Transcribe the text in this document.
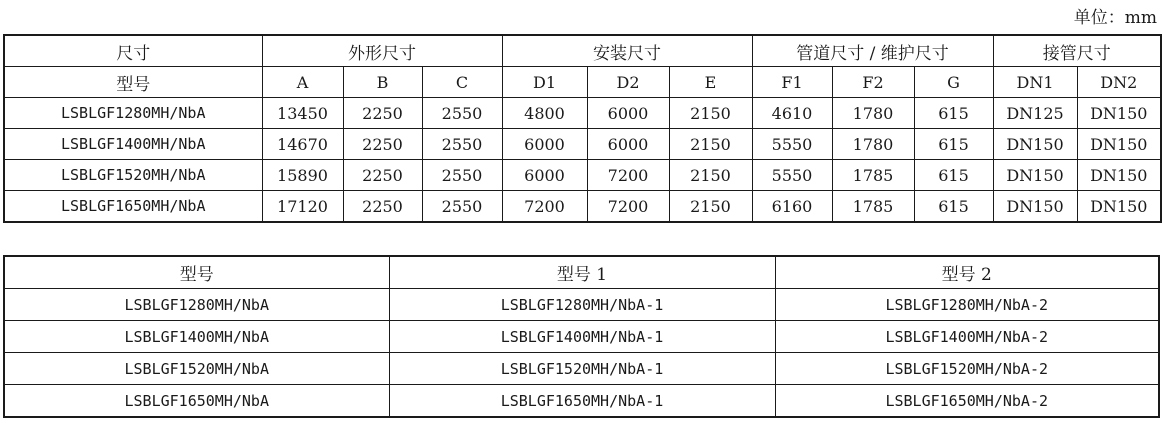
单位：mm
尺寸	外形尺寸			安装尺寸			管道尺寸 / 维护尺寸			接管尺寸	
型号	A	B	C	D1	D2	E	F1	F2	G	DN1	DN2
LSBLGF1280MH/NbA	13450	2250	2550	4800	6000	2150	4610	1780	615	DN125	DN150
LSBLGF1400MH/NbA	14670	2250	2550	6000	6000	2150	5550	1780	615	DN150	DN150
LSBLGF1520MH/NbA	15890	2250	2550	6000	7200	2150	5550	1785	615	DN150	DN150
LSBLGF1650MH/NbA	17120	2250	2550	7200	7200	2150	6160	1785	615	DN150	DN150
型号	型号 1	型号 2
LSBLGF1280MH/NbA	LSBLGF1280MH/NbA-1	LSBLGF1280MH/NbA-2
LSBLGF1400MH/NbA	LSBLGF1400MH/NbA-1	LSBLGF1400MH/NbA-2
LSBLGF1520MH/NbA	LSBLGF1520MH/NbA-1	LSBLGF1520MH/NbA-2
LSBLGF1650MH/NbA	LSBLGF1650MH/NbA-1	LSBLGF1650MH/NbA-2
